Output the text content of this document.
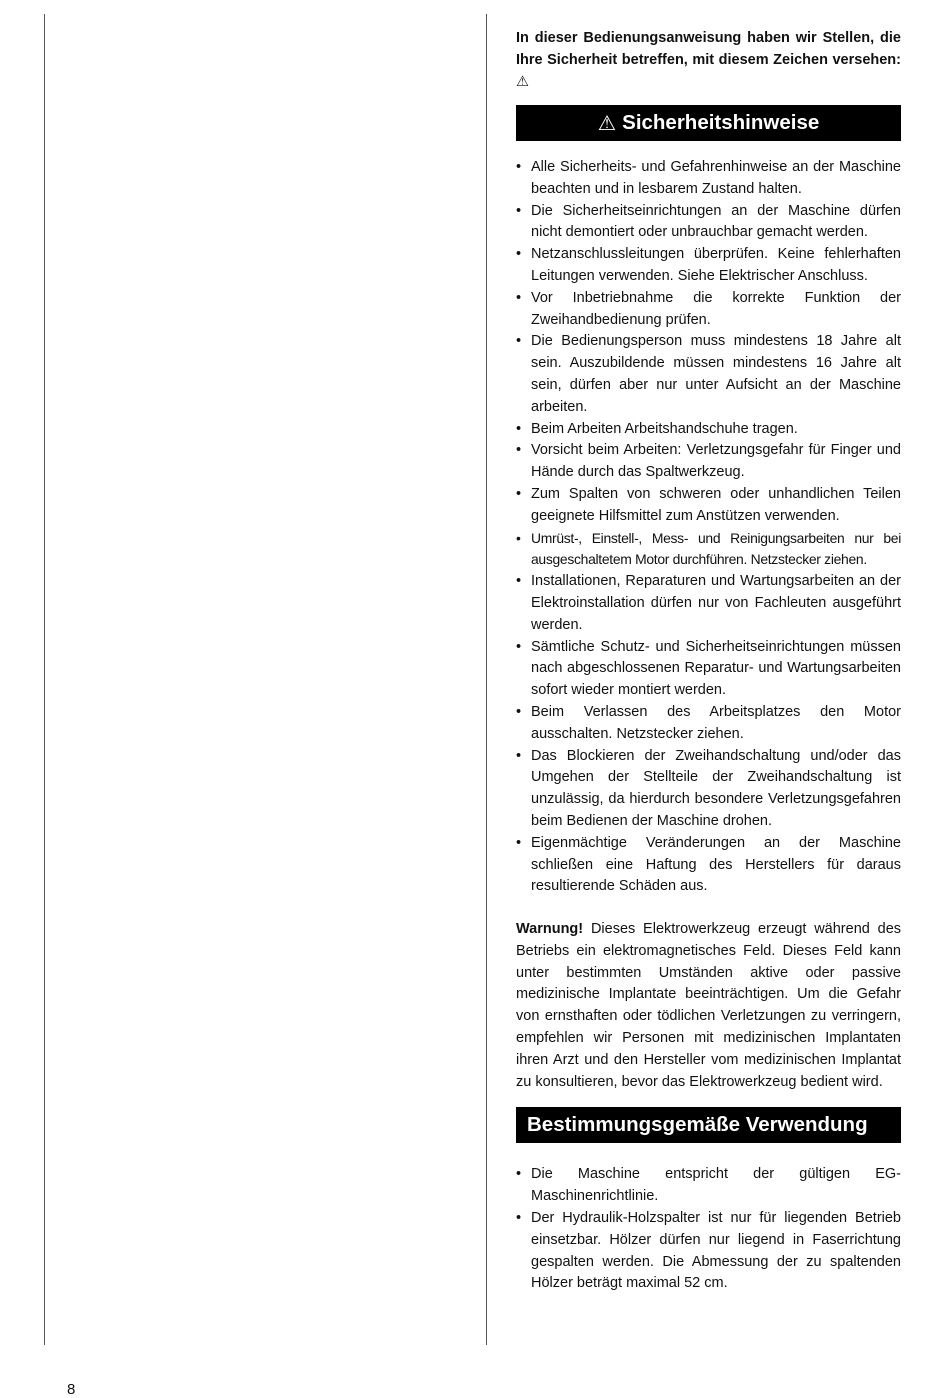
In dieser Bedienungsanweisung haben wir Stellen, die Ihre Sicherheit betreffen, mit diesem Zeichen versehen: ⚠

⚠ Sicherheitshinweise
• Alle Sicherheits- und Gefahrenhinweise an der Maschine beachten und in lesbarem Zustand halten.
• Die Sicherheitseinrichtungen an der Maschine dürfen nicht demontiert oder unbrauchbar gemacht werden.
• Netzanschlussleitungen überprüfen. Keine fehlerhaften Leitungen verwenden. Siehe Elektrischer Anschluss.
• Vor Inbetriebnahme die korrekte Funktion der Zweihandbedienung prüfen.
• Die Bedienungsperson muss mindestens 18 Jahre alt sein. Auszubildende müssen mindestens 16 Jahre alt sein, dürfen aber nur unter Aufsicht an der Maschine arbeiten.
• Beim Arbeiten Arbeitshandschuhe tragen.
• Vorsicht beim Arbeiten: Verletzungsgefahr für Finger und Hände durch das Spaltwerkzeug.
• Zum Spalten von schweren oder unhandlichen Teilen geeignete Hilfsmittel zum Anstützen verwenden.
• Umrüst-, Einstell-, Mess- und Reinigungsarbeiten nur bei ausgeschaltetem Motor durchführen. Netzstecker ziehen.
• Installationen, Reparaturen und Wartungsarbeiten an der Elektroinstallation dürfen nur von Fachleuten ausgeführt werden.
• Sämtliche Schutz- und Sicherheitseinrichtungen müssen nach abgeschlossenen Reparatur- und Wartungsarbeiten sofort wieder montiert werden.
• Beim Verlassen des Arbeitsplatzes den Motor ausschalten. Netzstecker ziehen.
• Das Blockieren der Zweihandschaltung und/oder das Umgehen der Stellteile der Zweihandschaltung ist unzulässig, da hierdurch besondere Verletzungsgefahren beim Bedienen der Maschine drohen.
• Eigenmächtige Veränderungen an der Maschine schließen eine Haftung des Herstellers für daraus resultierende Schäden aus.

Warnung! Dieses Elektrowerkzeug erzeugt während des Betriebs ein elektromagnetisches Feld. Dieses Feld kann unter bestimmten Umständen aktive oder passive medizinische Implantate beeinträchtigen. Um die Gefahr von ernsthaften oder tödlichen Verletzungen zu verringern, empfehlen wir Personen mit medizinischen Implantaten ihren Arzt und den Hersteller vom medizinischen Implantat zu konsultieren, bevor das Elektrowerkzeug bedient wird.

Bestimmungsgemäße Verwendung
• Die Maschine entspricht der gültigen EG-Maschinenrichtlinie.
• Der Hydraulik-Holzspalter ist nur für liegenden Betrieb einsetzbar. Hölzer dürfen nur liegend in Faserrichtung gespalten werden. Die Abmessung der zu spaltenden Hölzer beträgt maximal 52 cm.
8
